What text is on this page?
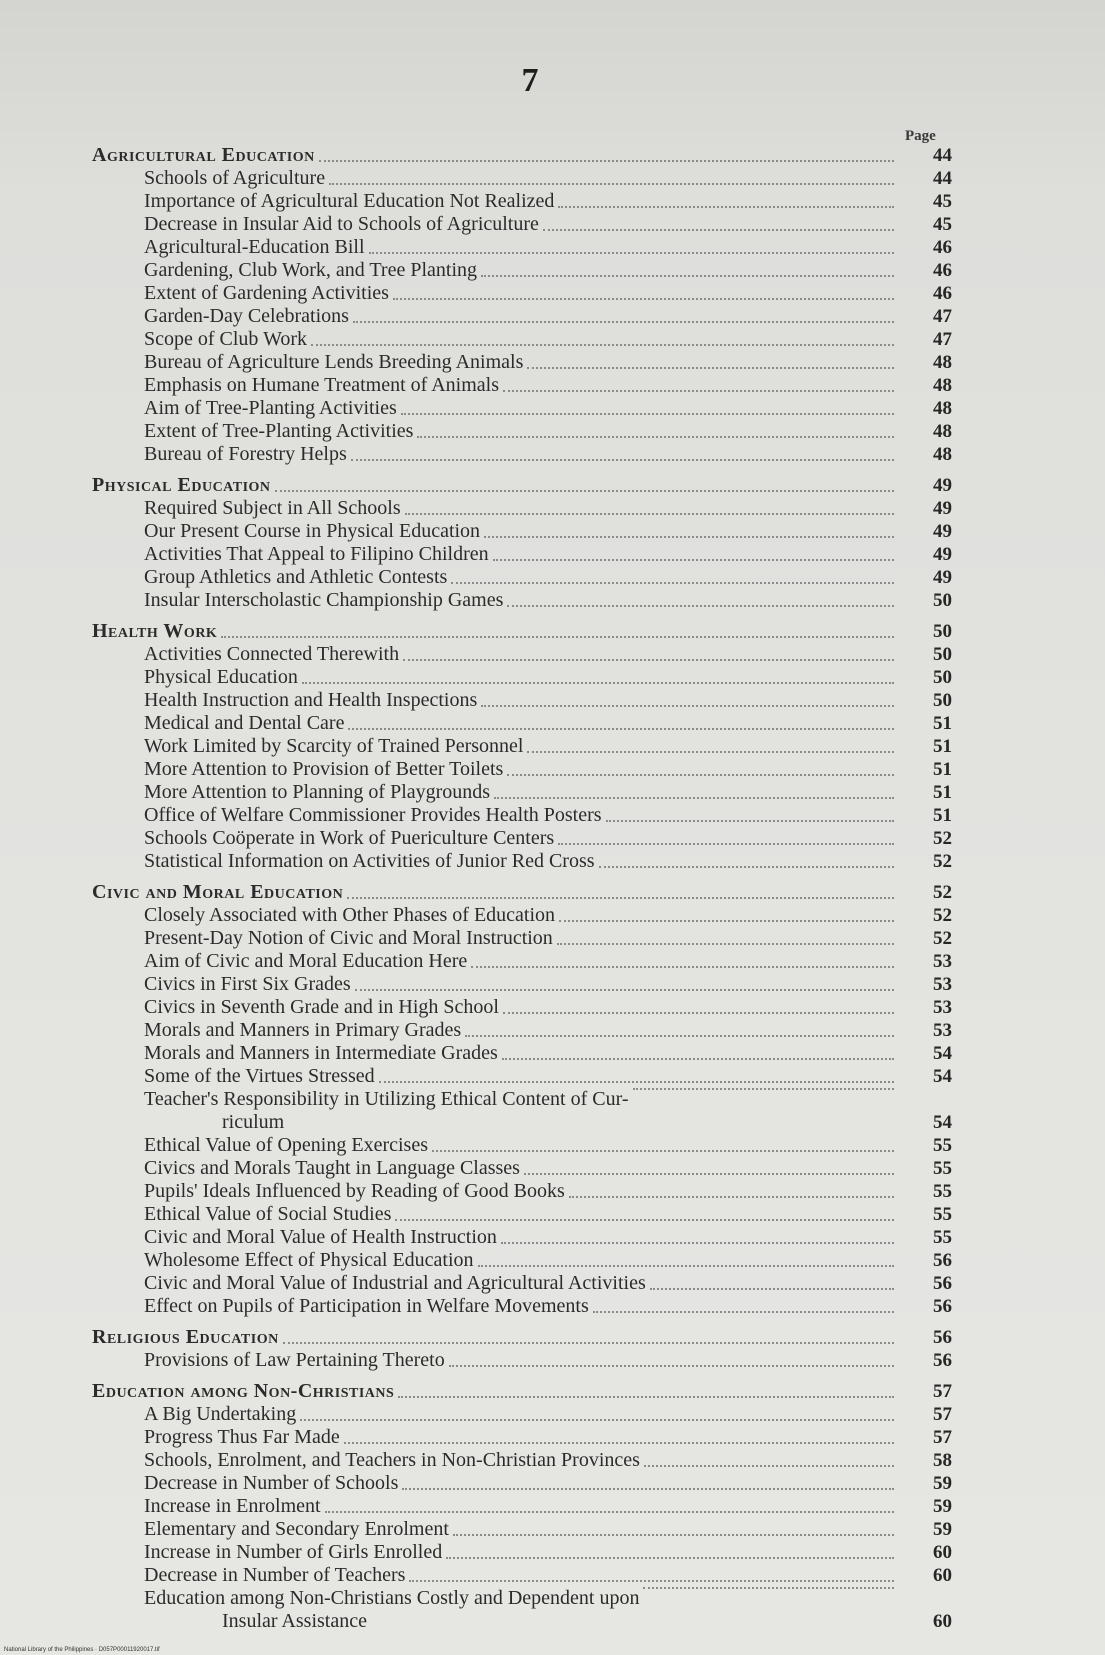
7
Page
Agricultural Education	44
Schools of Agriculture	44
Importance of Agricultural Education Not Realized	45
Decrease in Insular Aid to Schools of Agriculture	45
Agricultural-Education Bill	46
Gardening, Club Work, and Tree Planting	46
Extent of Gardening Activities	46
Garden-Day Celebrations	47
Scope of Club Work	47
Bureau of Agriculture Lends Breeding Animals	48
Emphasis on Humane Treatment of Animals	48
Aim of Tree-Planting Activities	48
Extent of Tree-Planting Activities	48
Bureau of Forestry Helps	48
Physical Education	49
Required Subject in All Schools	49
Our Present Course in Physical Education	49
Activities That Appeal to Filipino Children	49
Group Athletics and Athletic Contests	49
Insular Interscholastic Championship Games	50
Health Work	50
Activities Connected Therewith	50
Physical Education	50
Health Instruction and Health Inspections	50
Medical and Dental Care	51
Work Limited by Scarcity of Trained Personnel	51
More Attention to Provision of Better Toilets	51
More Attention to Planning of Playgrounds	51
Office of Welfare Commissioner Provides Health Posters	51
Schools Coöperate in Work of Puericulture Centers	52
Statistical Information on Activities of Junior Red Cross	52
Civic and Moral Education	52
Closely Associated with Other Phases of Education	52
Present-Day Notion of Civic and Moral Instruction	52
Aim of Civic and Moral Education Here	53
Civics in First Six Grades	53
Civics in Seventh Grade and in High School	53
Morals and Manners in Primary Grades	53
Morals and Manners in Intermediate Grades	54
Some of the Virtues Stressed	54
Teacher's Responsibility in Utilizing Ethical Content of Cur-
riculum	54
Ethical Value of Opening Exercises	55
Civics and Morals Taught in Language Classes	55
Pupils' Ideals Influenced by Reading of Good Books	55
Ethical Value of Social Studies	55
Civic and Moral Value of Health Instruction	55
Wholesome Effect of Physical Education	56
Civic and Moral Value of Industrial and Agricultural Activities	56
Effect on Pupils of Participation in Welfare Movements	56
Religious Education	56
Provisions of Law Pertaining Thereto	56
Education among Non-Christians	57
A Big Undertaking	57
Progress Thus Far Made	57
Schools, Enrolment, and Teachers in Non-Christian Provinces	58
Decrease in Number of Schools	59
Increase in Enrolment	59
Elementary and Secondary Enrolment	59
Increase in Number of Girls Enrolled	60
Decrease in Number of Teachers	60
Education among Non-Christians Costly and Dependent upon
Insular Assistance	60
National Library of the Philippines · D057P00011920017.tif
